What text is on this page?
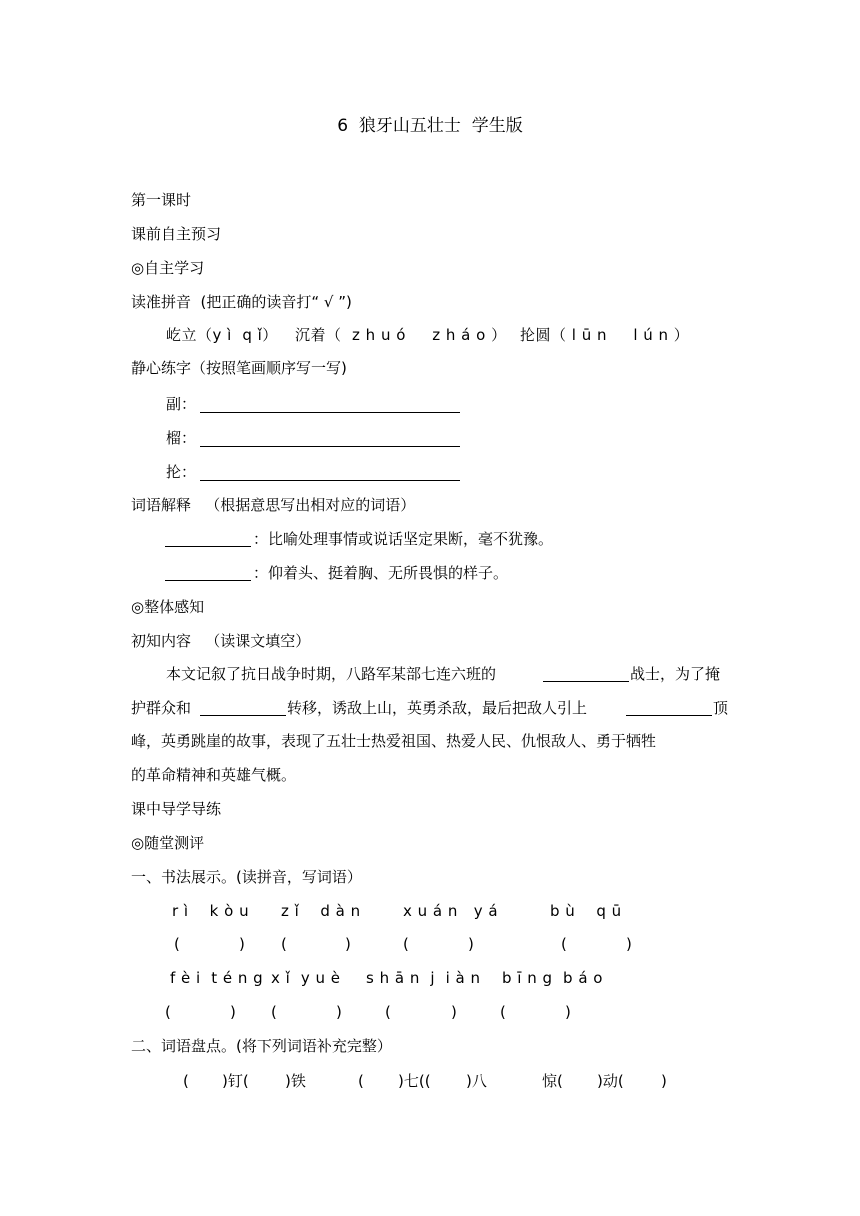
6  狼牙山五壮士  学生版
第一课时
课前自主预习
◎自主学习
读准拼音  (把正确的读音打“ √ ”)
屹立（y ì  q ǐ） 沉着（  z h u ó     z h á o ） 抡圆（ l ū n     l ú n ）
静心练字（按照笔画顺序写一写)
副：
榴：
抡：
词语解释   （根据意思写出相对应的词语）
：比喻处理事情或说话坚定果断，毫不犹豫。
：仰着头、挺着胸、无所畏惧的样子。
◎整体感知
初知内容   （读课文填空）
本文记叙了抗日战争时期，八路军某部七连六班的	战士，为了掩
护群众和	转移，诱敌上山，英勇杀敌，最后把敌人引上	顶
峰，英勇跳崖的故事，表现了五壮士热爱祖国、热爱人民、仇恨敌人、勇于牺牲
的革命精神和英雄气概。
课中导学导练
◎随堂测评
一、书法展示。(读拼音，写词语）
r ì    k ò u z ǐ    d à n	x u á n   y á	b ù    q ū
(	) (	)	(	)	(	)
f è i  t é n g x ǐ  y u è s h ā n  j  i à n b ī n g  b á o
(	) (	)	(	)	(	)
二、词语盘点。(将下列词语补充完整）
( )钉( )铁	( )七(( )八	惊( )动( )
